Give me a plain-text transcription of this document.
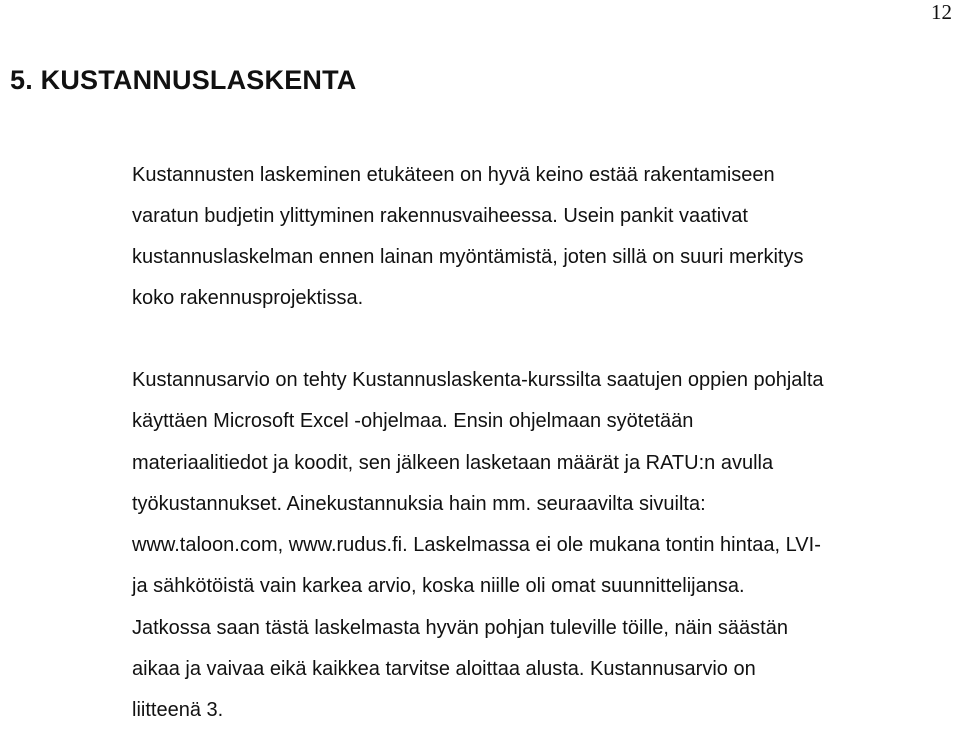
12
5. KUSTANNUSLASKENTA

Kustannusten laskeminen etukäteen on hyvä keino estää rakentamiseen
varatun budjetin ylittyminen rakennusvaiheessa. Usein pankit vaativat
kustannuslaskelman ennen lainan myöntämistä, joten sillä on suuri merkitys
koko rakennusprojektissa.

Kustannusarvio on tehty Kustannuslaskenta-kurssilta saatujen oppien pohjalta
käyttäen Microsoft Excel -ohjelmaa. Ensin ohjelmaan syötetään
materiaalitiedot ja koodit, sen jälkeen lasketaan määrät ja RATU:n avulla
työkustannukset. Ainekustannuksia hain mm. seuraavilta sivuilta:
www.taloon.com, www.rudus.fi. Laskelmassa ei ole mukana tontin hintaa, LVI-
ja sähkötöistä vain karkea arvio, koska niille oli omat suunnittelijansa.
Jatkossa saan tästä laskelmasta hyvän pohjan tuleville töille, näin säästän
aikaa ja vaivaa eikä kaikkea tarvitse aloittaa alusta. Kustannusarvio on
liitteenä 3.
